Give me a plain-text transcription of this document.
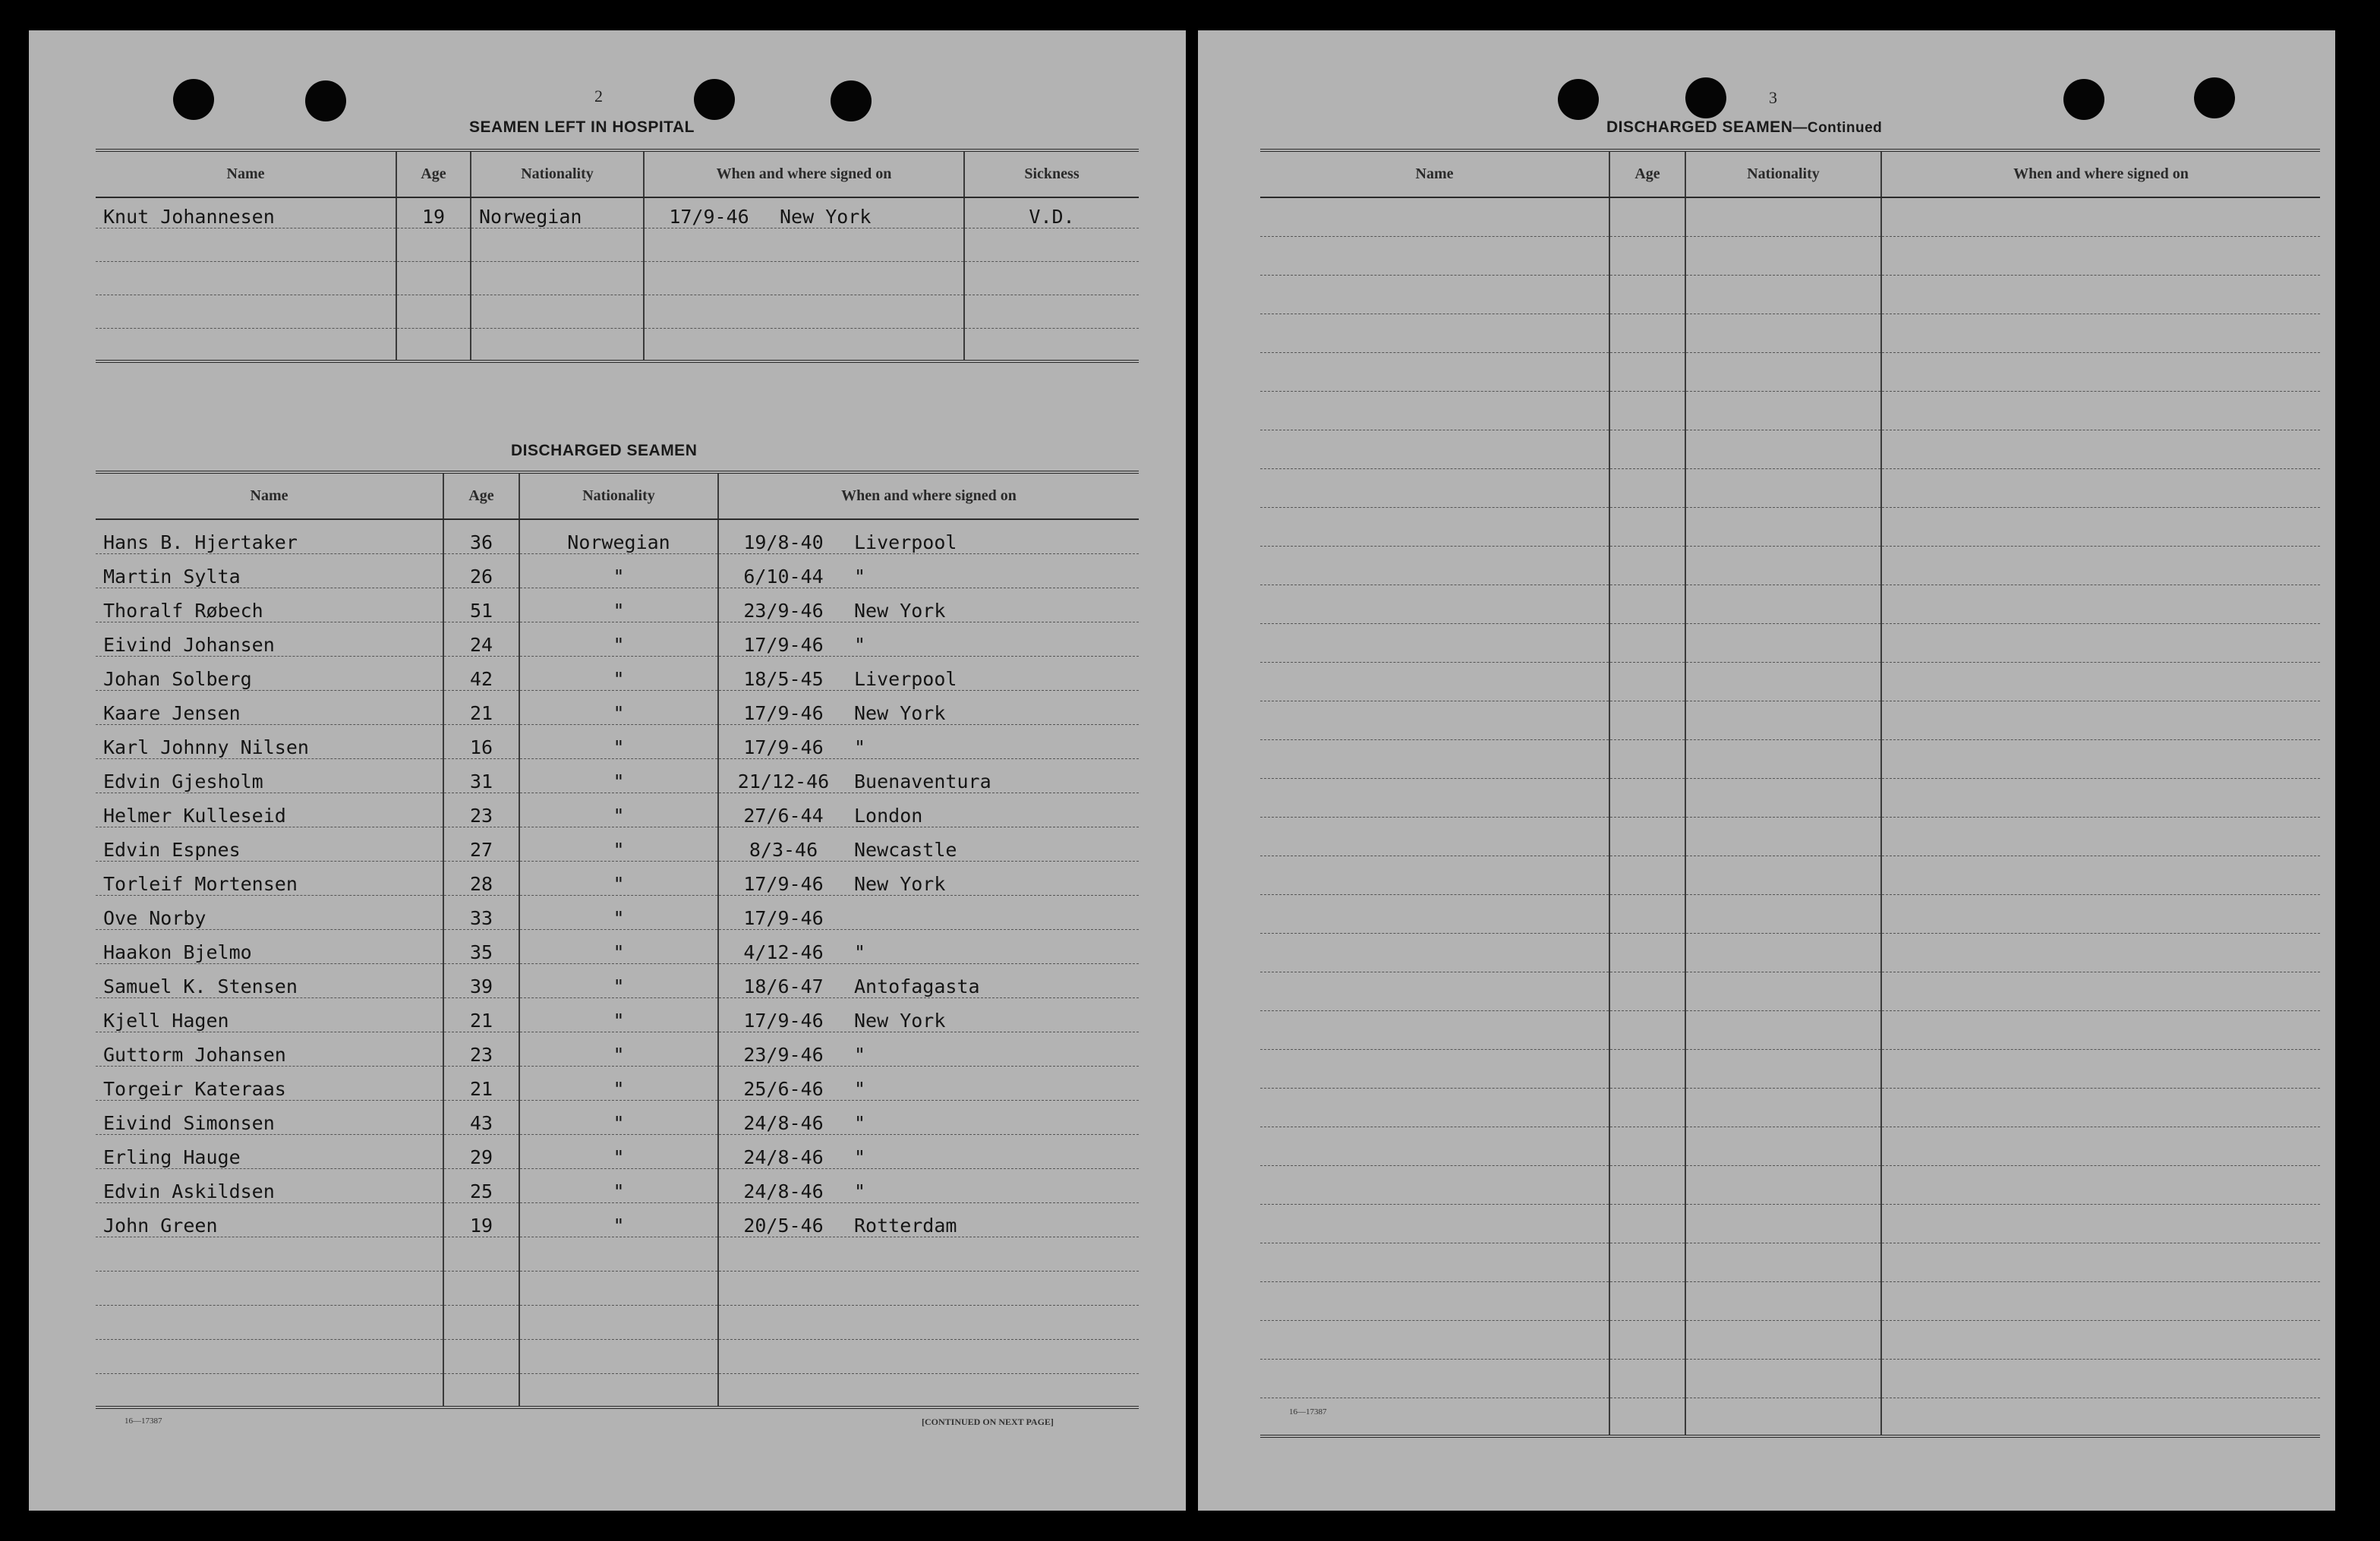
2
SEAMEN LEFT IN HOSPITAL
Name	Age	Nationality	When and where signed on	Sickness
Knut Johannesen	19	Norwegian	17/9-46 New York	V.D.

DISCHARGED SEAMEN
Name	Age	Nationality	When and where signed on
Hans B. Hjertaker	36	Norwegian	19/8-40 Liverpool
Martin Sylta	26	"	6/10-44 "
Thoralf Røbech	51	"	23/9-46 New York
Eivind Johansen	24	"	17/9-46 "
Johan Solberg	42	"	18/5-45 Liverpool
Kaare Jensen	21	"	17/9-46 New York
Karl Johnny Nilsen	16	"	17/9-46 "
Edvin Gjesholm	31	"	21/12-46 Buenaventura
Helmer Kulleseid	23	"	27/6-44 London
Edvin Espnes	27	"	8/3-46 Newcastle
Torleif Mortensen	28	"	17/9-46 New York
Ove Norby	33	"	17/9-46
Haakon Bjelmo	35	"	4/12-46 "
Samuel K. Stensen	39	"	18/6-47 Antofagasta
Kjell Hagen	21	"	17/9-46 New York
Guttorm Johansen	23	"	23/9-46 "
Torgeir Kateraas	21	"	25/6-46 "
Eivind Simonsen	43	"	24/8-46 "
Erling Hauge	29	"	24/8-46 "
Edvin Askildsen	25	"	24/8-46 "
John Green	19	"	20/5-46 Rotterdam

16—17387	[CONTINUED ON NEXT PAGE]
3
DISCHARGED SEAMEN—Continued
Name	Age	Nationality	When and where signed on

16—17387
